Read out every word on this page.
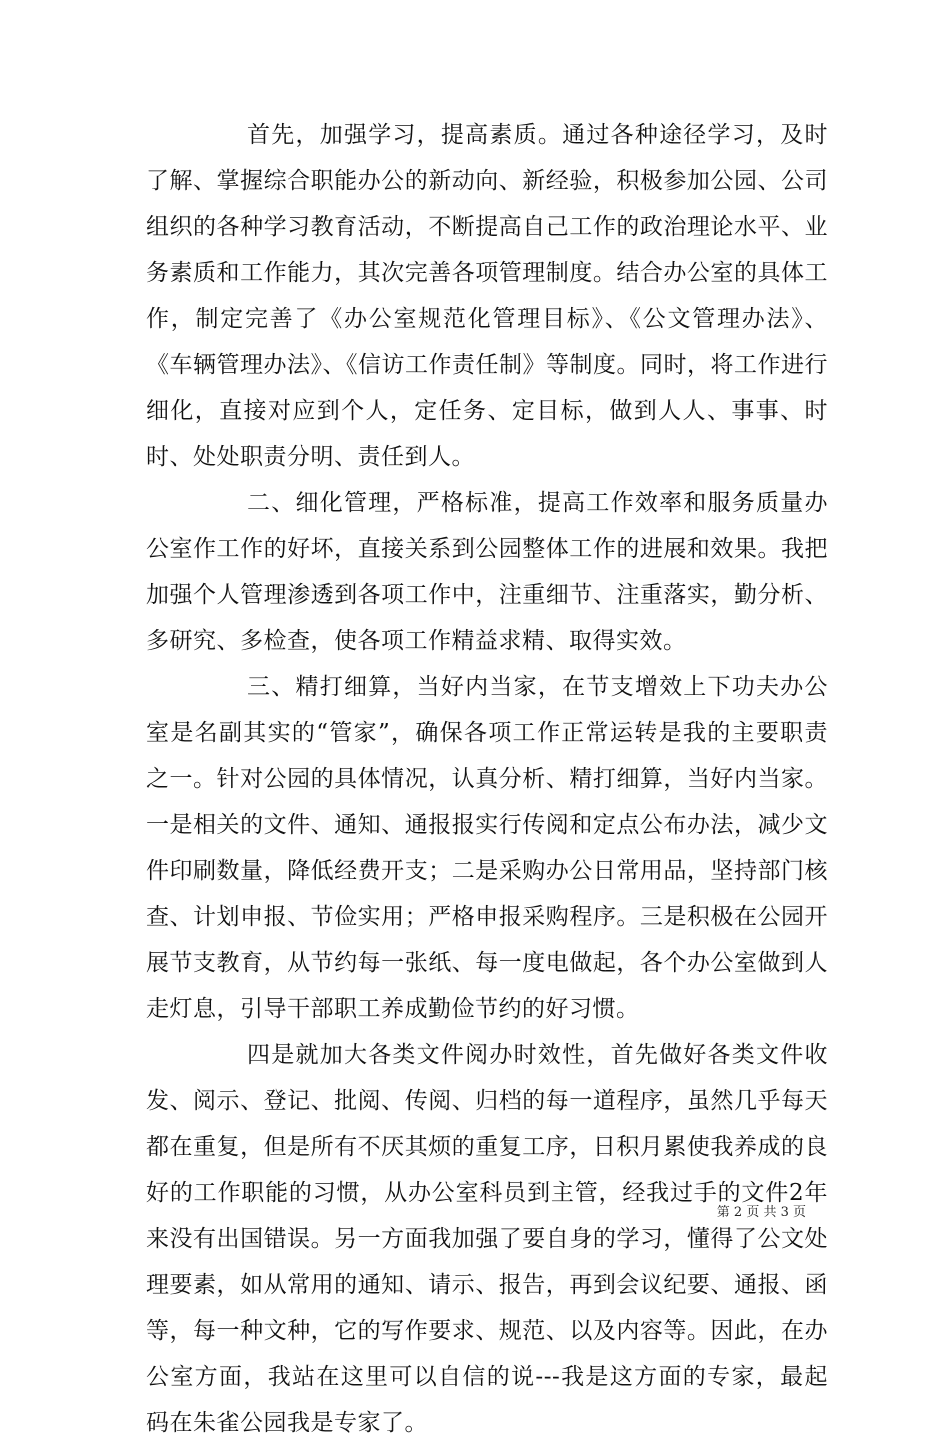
首先，加强学习，提高素质。通过各种途径学习，及时了解、掌握综合职能办公的新动向、新经验，积极参加公园、公司组织的各种学习教育活动，不断提高自己工作的政治理论水平、业务素质和工作能力，其次完善各项管理制度。结合办公室的具体工作，制定完善了《办公室规范化管理目标》、《公文管理办法》、《车辆管理办法》、《信访工作责任制》等制度。同时，将工作进行细化，直接对应到个人，定任务、定目标，做到人人、事事、时时、处处职责分明、责任到人。

二、细化管理，严格标准，提高工作效率和服务质量办公室作工作的好坏，直接关系到公园整体工作的进展和效果。我把加强个人管理渗透到各项工作中，注重细节、注重落实，勤分析、多研究、多检查，使各项工作精益求精、取得实效。

三、精打细算，当好内当家，在节支增效上下功夫办公室是名副其实的“管家”，确保各项工作正常运转是我的主要职责之一。针对公园的具体情况，认真分析、精打细算，当好内当家。一是相关的文件、通知、通报报实行传阅和定点公布办法，减少文件印刷数量，降低经费开支；二是采购办公日常用品，坚持部门核查、计划申报、节俭实用；严格申报采购程序。三是积极在公园开展节支教育，从节约每一张纸、每一度电做起，各个办公室做到人走灯息，引导干部职工养成勤俭节约的好习惯。

四是就加大各类文件阅办时效性，首先做好各类文件收发、阅示、登记、批阅、传阅、归档的每一道程序，虽然几乎每天都在重复，但是所有不厌其烦的重复工序，日积月累使我养成的良好的工作职能的习惯，从办公室科员到主管，经我过手的文件2年来没有出国错误。另一方面我加强了要自身的学习，懂得了公文处理要素，如从常用的通知、请示、报告，再到会议纪要、通报、函等，每一种文种，它的写作要求、规范、以及内容等。因此，在办公室方面，我站在这里可以自信的说---我是这方面的专家，最起码在朱雀公园我是专家了。

第 2 页 共 3 页
